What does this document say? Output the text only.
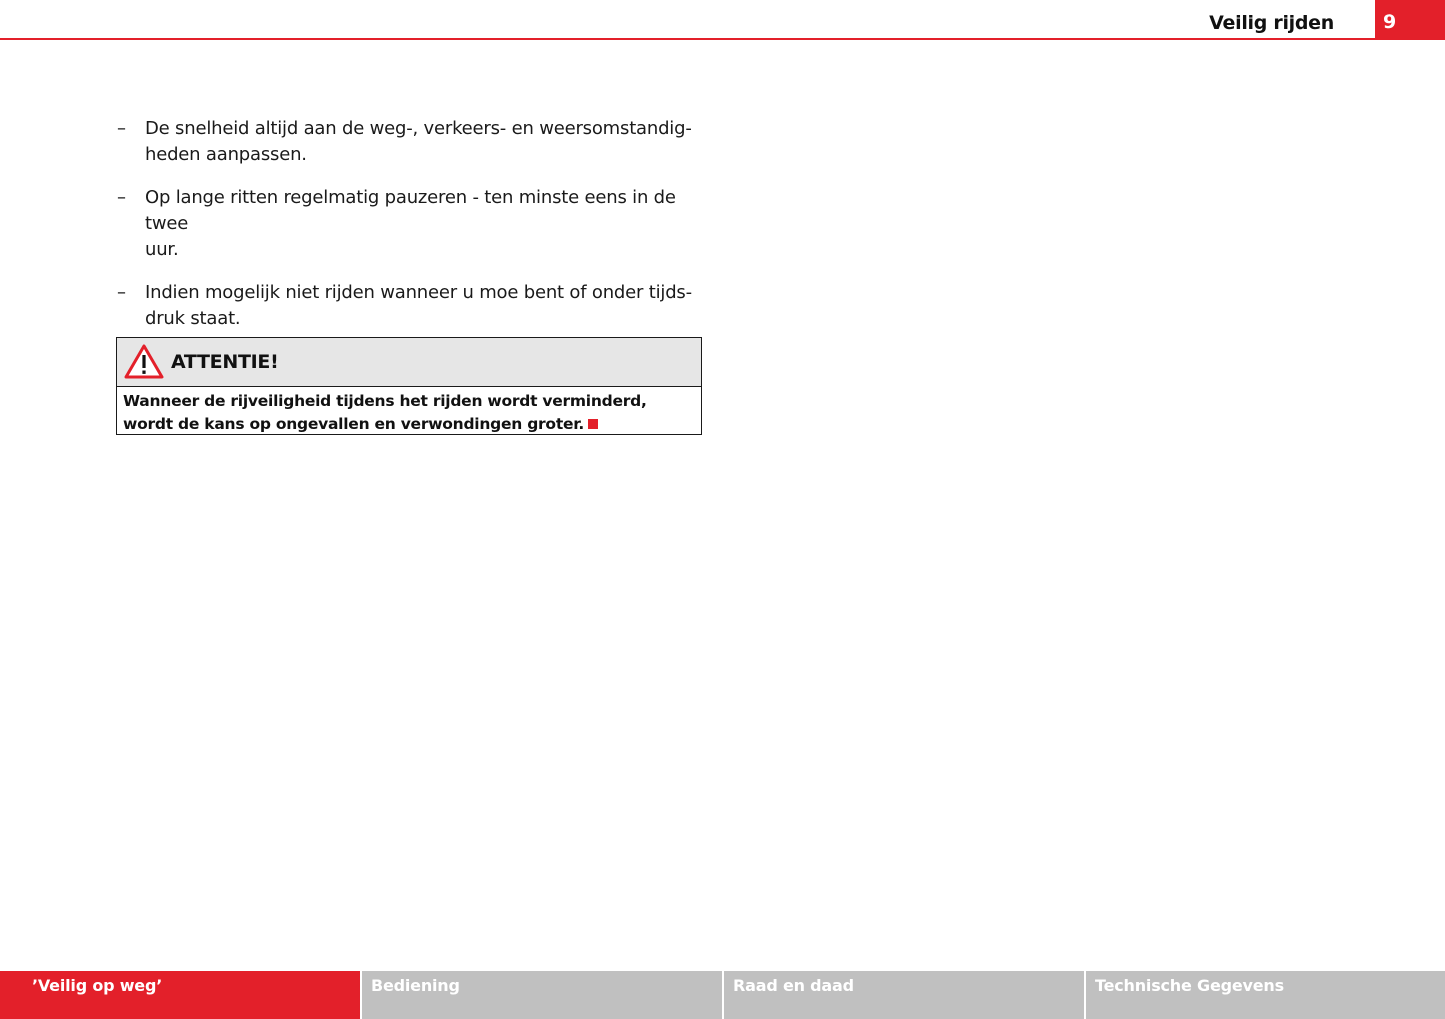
Veilig rijden	9
– De snelheid altijd aan de weg-, verkeers- en weersomstandig-
heden aanpassen.
– Op lange ritten regelmatig pauzeren - ten minste eens in de twee
uur.
– Indien mogelijk niet rijden wanneer u moe bent of onder tijds-
druk staat.
ATTENTIE!
Wanneer de rijveiligheid tijdens het rijden wordt verminderd, wordt de kans op ongevallen en verwondingen groter.
’Veilig op weg’	Bediening	Raad en daad	Technische Gegevens
